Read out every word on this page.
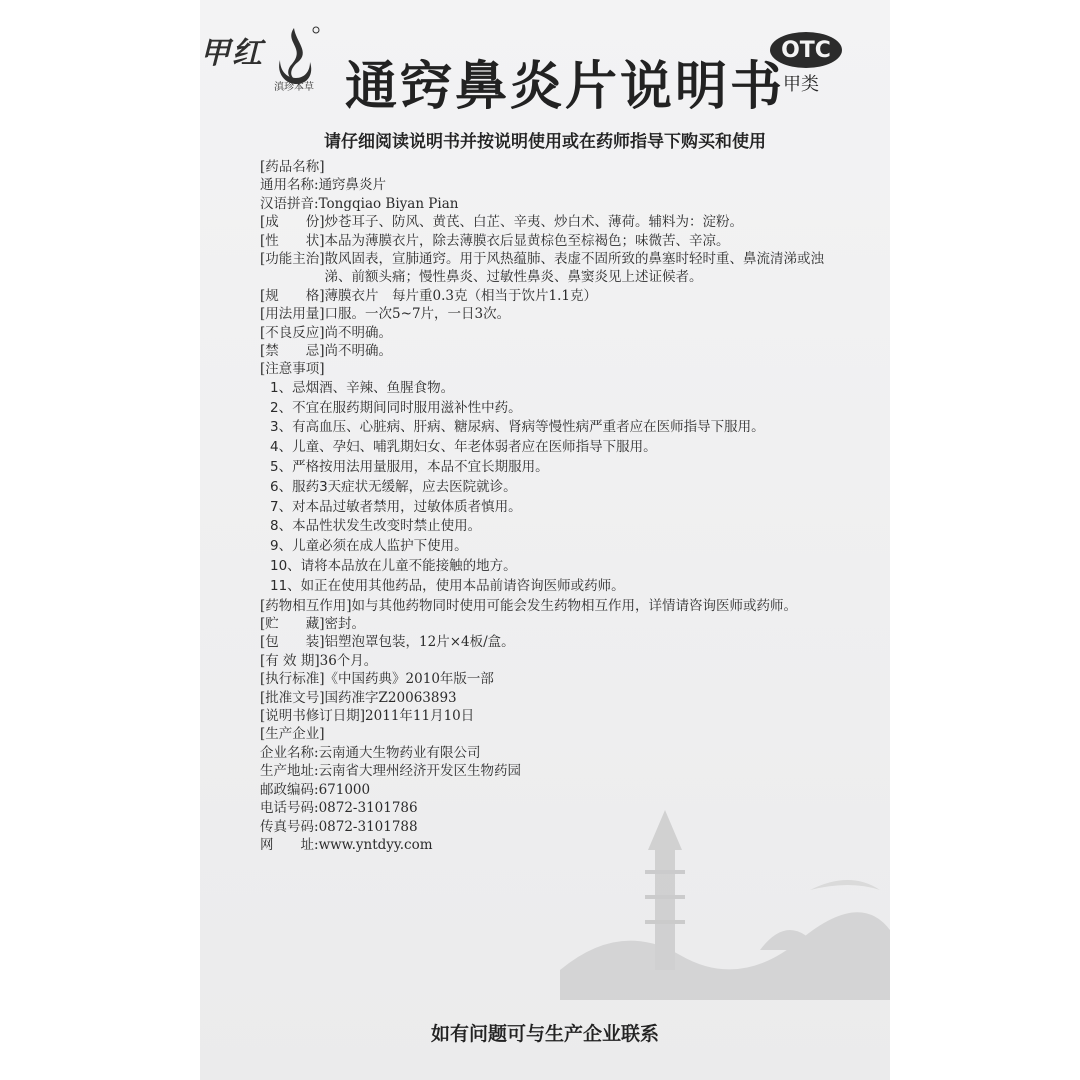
甲红
滇珍本草 通窍鼻炎片说明书
OTC
甲类
请仔细阅读说明书并按说明使用或在药师指导下购买和使用
[药品名称]
通用名称: 通窍鼻炎片
汉语拼音: Tongqiao Biyan Pian
[成　　份] 炒苍耳子、防风、黄芪、白芷、辛夷、炒白术、薄荷。辅料为：淀粉。
[性　　状] 本品为薄膜衣片，除去薄膜衣后显黄棕色至棕褐色；味微苦、辛凉。
[功能主治] 散风固表，宣肺通窍。用于风热蕴肺、表虚不固所致的鼻塞时轻时重、鼻流清涕或浊涕、前额头痛；慢性鼻炎、过敏性鼻炎、鼻窦炎见上述证候者。
[规　　格] 薄膜衣片　每片重0.3克（相当于饮片1.1克）
[用法用量] 口服。一次5~7片，一日3次。
[不良反应] 尚不明确。
[禁　　忌] 尚不明确。
[注意事项]
1、忌烟酒、辛辣、鱼腥食物。
2、不宜在服药期间同时服用滋补性中药。
3、有高血压、心脏病、肝病、糖尿病、肾病等慢性病严重者应在医师指导下服用。
4、儿童、孕妇、哺乳期妇女、年老体弱者应在医师指导下服用。
5、严格按用法用量服用，本品不宜长期服用。
6、服药3天症状无缓解，应去医院就诊。
7、对本品过敏者禁用，过敏体质者慎用。
8、本品性状发生改变时禁止使用。
9、儿童必须在成人监护下使用。
10、请将本品放在儿童不能接触的地方。
11、如正在使用其他药品，使用本品前请咨询医师或药师。
[药物相互作用] 如与其他药物同时使用可能会发生药物相互作用，详情请咨询医师或药师。
[贮　　藏] 密封。
[包　　装] 铝塑泡罩包装，12片×4板/盒。
[有 效 期] 36个月。
[执行标准] 《中国药典》2010年版一部
[批准文号] 国药准字Z20063893
[说明书修订日期] 2011年11月10日
[生产企业]
企业名称: 云南通大生物药业有限公司
生产地址: 云南省大理州经济开发区生物药园
邮政编码: 671000
电话号码: 0872-3101786
传真号码: 0872-3101788
网　　址: www.yntdyy.com
如有问题可与生产企业联系
